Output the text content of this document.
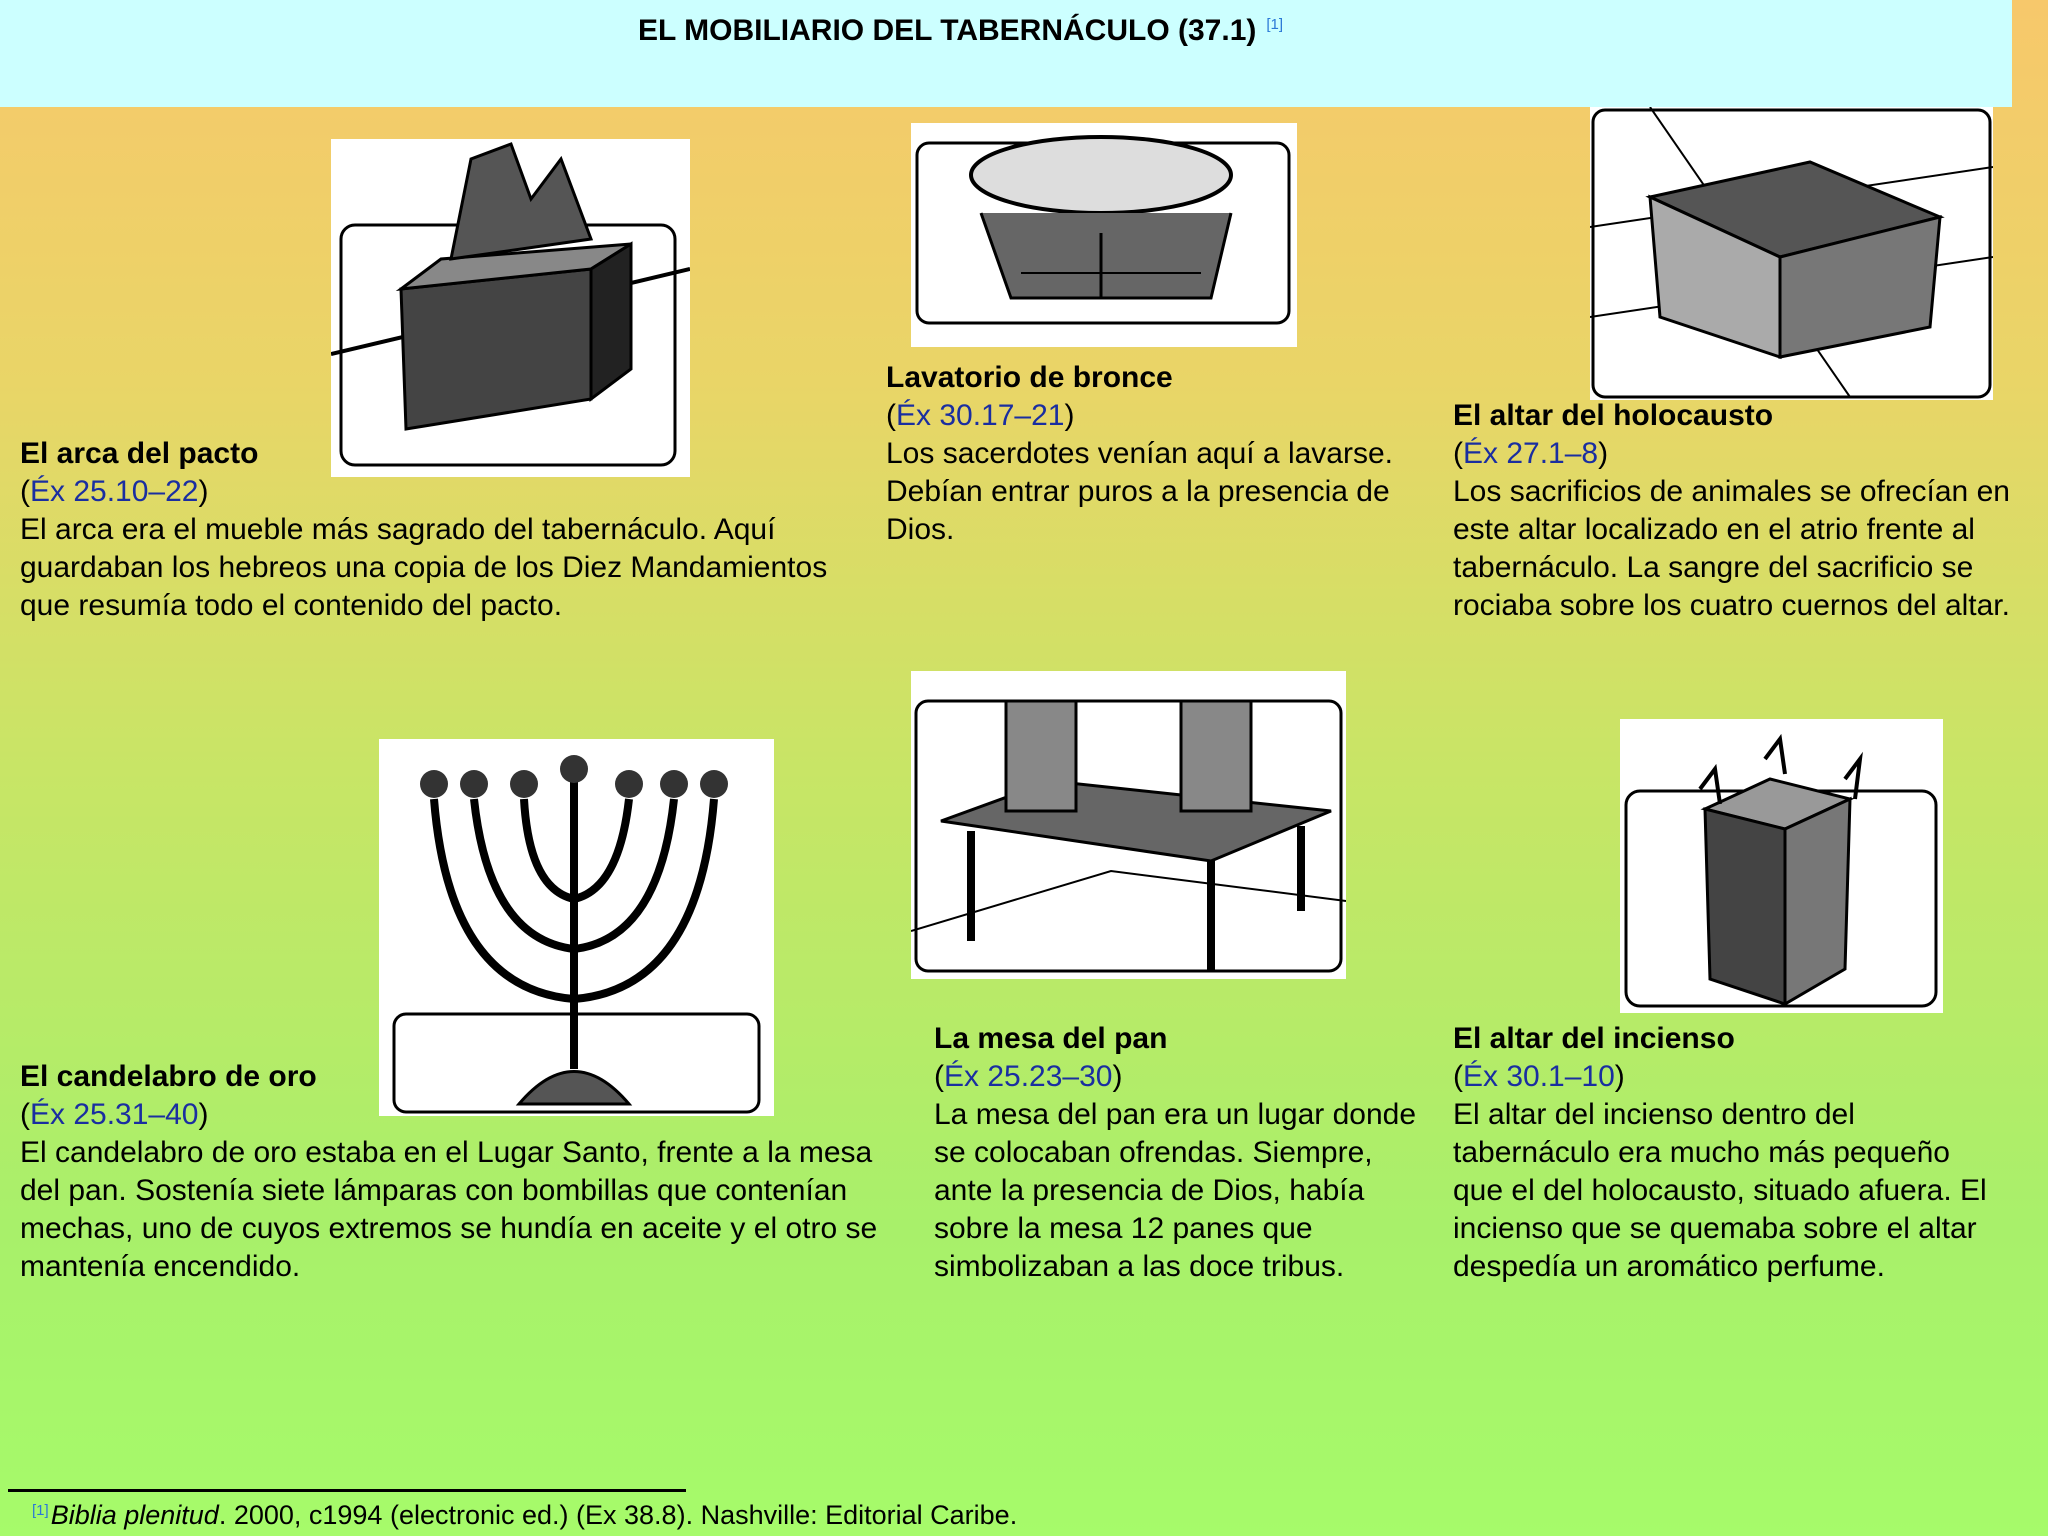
EL MOBILIARIO DEL TABERNÁCULO (37.1) [1]
El arca del pacto
(Éx 25.10–22)
El arca era el mueble más sagrado del tabernáculo. Aquí guardaban los hebreos una copia de los Diez Mandamientos que resumía todo el contenido del pacto.
Lavatorio de bronce
(Éx 30.17–21)
Los sacerdotes venían aquí a lavarse. Debían entrar puros a la presencia de Dios.
El altar del holocausto
(Éx 27.1–8)
Los sacrificios de animales se ofrecían en este altar localizado en el atrio frente al tabernáculo. La sangre del sacrificio se rociaba sobre los cuatro cuernos del altar.
El candelabro de oro
(Éx 25.31–40)
El candelabro de oro estaba en el Lugar Santo, frente a la mesa del pan. Sostenía siete lámparas con bombillas que contenían mechas, uno de cuyos extremos se hundía en aceite y el otro se mantenía encendido.
La mesa del pan
(Éx 25.23–30)
La mesa del pan era un lugar donde se colocaban ofrendas. Siempre, ante la presencia de Dios, había sobre la mesa 12 panes que simbolizaban a las doce tribus.
El altar del incienso
(Éx 30.1–10)
El altar del incienso dentro del tabernáculo era mucho más pequeño que el del holocausto, situado afuera. El incienso que se quemaba sobre el altar despedía un aromático perfume.
[1]Biblia plenitud. 2000, c1994 (electronic ed.) (Ex 38.8). Nashville: Editorial Caribe.
